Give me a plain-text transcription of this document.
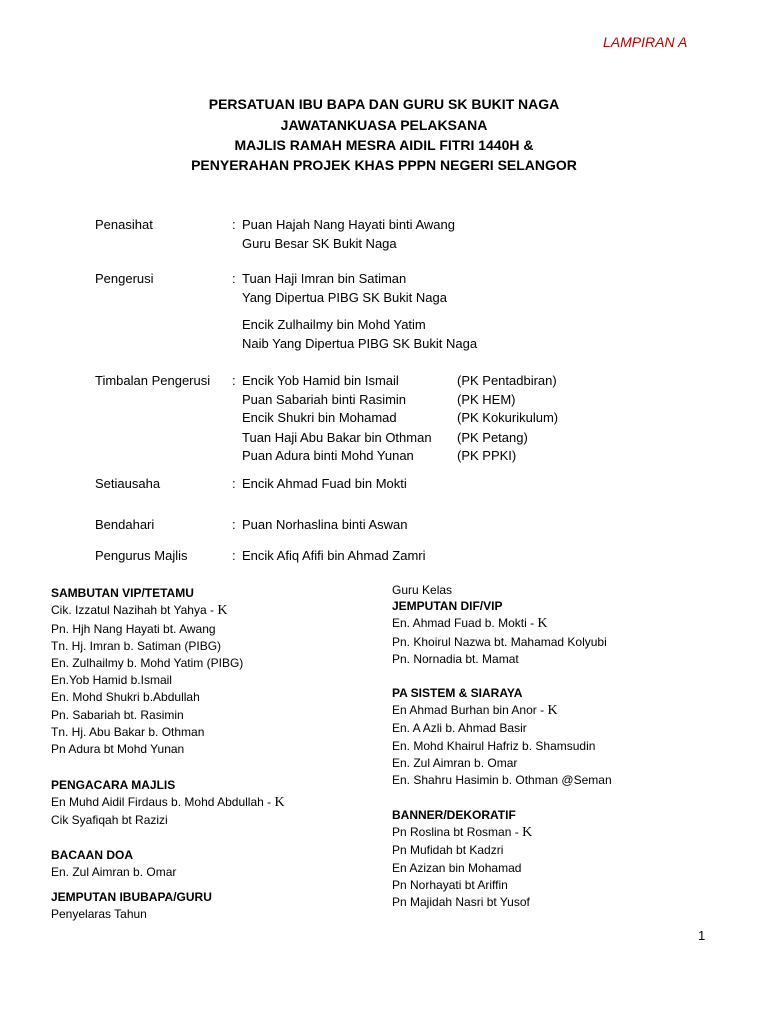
LAMPIRAN A
PERSATUAN IBU BAPA DAN GURU SK BUKIT NAGA
JAWATANKUASA PELAKSANA
MAJLIS RAMAH MESRA AIDIL FITRI 1440H &
PENYERAHAN PROJEK KHAS PPPN NEGERI SELANGOR
Penasihat	: Puan Hajah Nang Hayati binti Awang
Guru Besar SK Bukit Naga
Pengerusi	: Tuan Haji Imran bin Satiman
Yang Dipertua PIBG SK Bukit Naga
Encik Zulhailmy bin Mohd Yatim
Naib Yang Dipertua PIBG SK Bukit Naga
Timbalan Pengerusi : Encik Yob Hamid bin Ismail	(PK Pentadbiran)
Puan Sabariah binti Rasimin	(PK HEM)
Encik Shukri bin Mohamad	(PK Kokurikulum)
Tuan Haji Abu Bakar bin Othman (PK Petang)
Puan Adura binti Mohd Yunan	(PK PPKI)
Setiausaha	: Encik Ahmad Fuad bin Mokti
Bendahari	: Puan Norhaslina binti Aswan
Pengurus Majlis	: Encik Afiq Afifi bin Ahmad Zamri
SAMBUTAN VIP/TETAMU
Cik. Izzatul Nazihah bt Yahya - K
Pn. Hjh Nang Hayati bt. Awang
Tn. Hj. Imran b. Satiman (PIBG)
En. Zulhailmy b. Mohd Yatim (PIBG)
En.Yob Hamid b.Ismail
En. Mohd Shukri b.Abdullah
Pn. Sabariah bt. Rasimin
Tn. Hj. Abu Bakar b. Othman
Pn Adura bt Mohd Yunan
PENGACARA MAJLIS
En Muhd Aidil Firdaus b. Mohd Abdullah - K
Cik Syafiqah bt Razizi
BACAAN DOA
En. Zul Aimran b. Omar
JEMPUTAN IBUBAPA/GURU
Penyelaras Tahun
Guru Kelas
JEMPUTAN DIF/VIP
En. Ahmad Fuad b. Mokti - K
Pn. Khoirul Nazwa bt. Mahamad Kolyubi
Pn. Nornadia bt. Mamat
PA SISTEM & SIARAYA
En Ahmad Burhan bin Anor - K
En. A Azli b. Ahmad Basir
En. Mohd Khairul Hafriz b. Shamsudin
En. Zul Aimran b. Omar
En. Shahru Hasimin b. Othman @Seman
BANNER/DEKORATIF
Pn Roslina bt Rosman - K
Pn Mufidah bt Kadzri
En Azizan bin Mohamad
Pn Norhayati bt Ariffin
Pn Majidah Nasri bt Yusof
1
